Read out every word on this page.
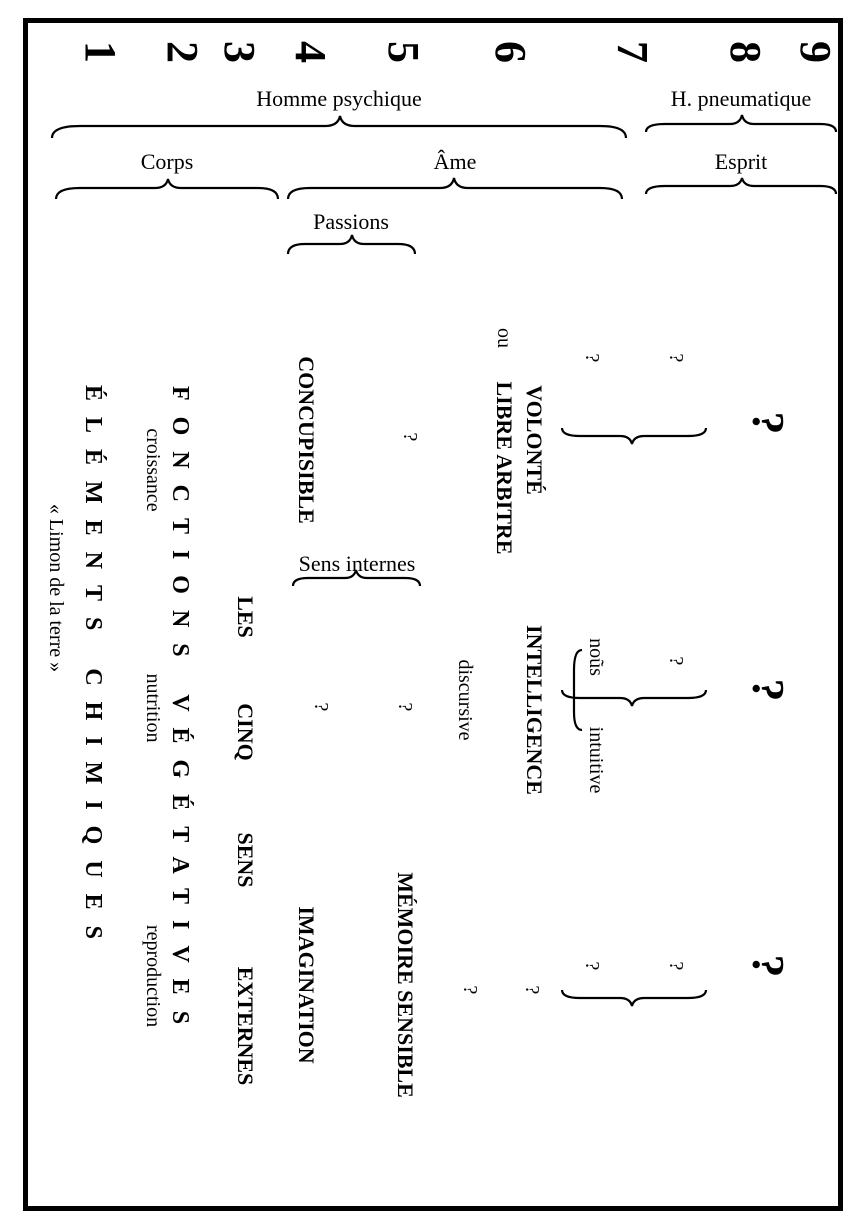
1 2 3 4 5 6 7 8 9
Homme psychique	H. pneumatique
Corps	Âme	Esprit
Passions
Sens internes
ÉLÉMENTS CHIMIQUES
« Limon de la terre »	FONCTIONS VÉGÉTATIVES
croissance
nutrition
reproduction
LES
CINQ
SENS
EXTERNES
CONCUPISIBLE
?
IMAGINATION
?
?
MÉMOIRE SENSIBLE
VOLONTÉ
ou
LIBRE ARBITRE
discursive INTELLIGENCE
? ?
?
noũs
intuitive
?
?
?
?
?
?
?
